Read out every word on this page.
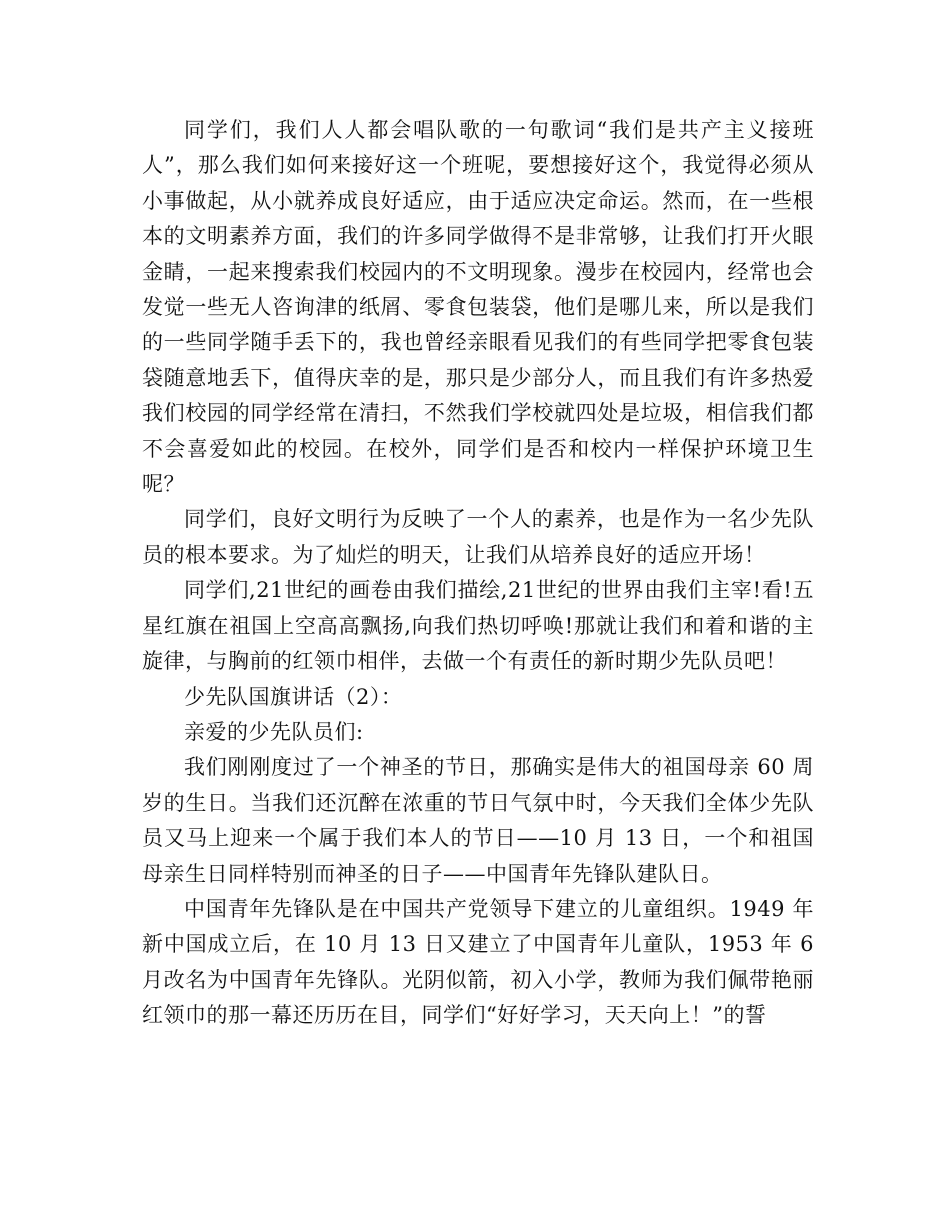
同学们，我们人人都会唱队歌的一句歌词“我们是共产主义接班人”，那么我们如何来接好这一个班呢，要想接好这个，我觉得必须从小事做起，从小就养成良好适应，由于适应决定命运。然而，在一些根本的文明素养方面，我们的许多同学做得不是非常够，让我们打开火眼金睛，一起来搜索我们校园内的不文明现象。漫步在校园内，经常也会发觉一些无人咨询津的纸屑、零食包装袋，他们是哪儿来，所以是我们的一些同学随手丢下的，我也曾经亲眼看见我们的有些同学把零食包装袋随意地丢下，值得庆幸的是，那只是少部分人，而且我们有许多热爱我们校园的同学经常在清扫，不然我们学校就四处是垃圾，相信我们都不会喜爱如此的校园。在校外，同学们是否和校内一样保护环境卫生呢？

同学们，良好文明行为反映了一个人的素养，也是作为一名少先队员的根本要求。为了灿烂的明天，让我们从培养良好的适应开场！

同学们,21世纪的画卷由我们描绘,21世纪的世界由我们主宰!看!五星红旗在祖国上空高高飘扬,向我们热切呼唤!那就让我们和着和谐的主旋律，与胸前的红领巾相伴，去做一个有责任的新时期少先队员吧！

少先队国旗讲话（2）：

亲爱的少先队员们:

我们刚刚度过了一个神圣的节日，那确实是伟大的祖国母亲 60 周岁的生日。当我们还沉醉在浓重的节日气氛中时，今天我们全体少先队员又马上迎来一个属于我们本人的节日——10 月 13 日，一个和祖国母亲生日同样特别而神圣的日子——中国青年先锋队建队日。

中国青年先锋队是在中国共产党领导下建立的儿童组织。1949 年新中国成立后，在 10 月 13 日又建立了中国青年儿童队，1953 年 6 月改名为中国青年先锋队。光阴似箭，初入小学，教师为我们佩带艳丽红领巾的那一幕还历历在目，同学们“好好学习，天天向上！”的誓
